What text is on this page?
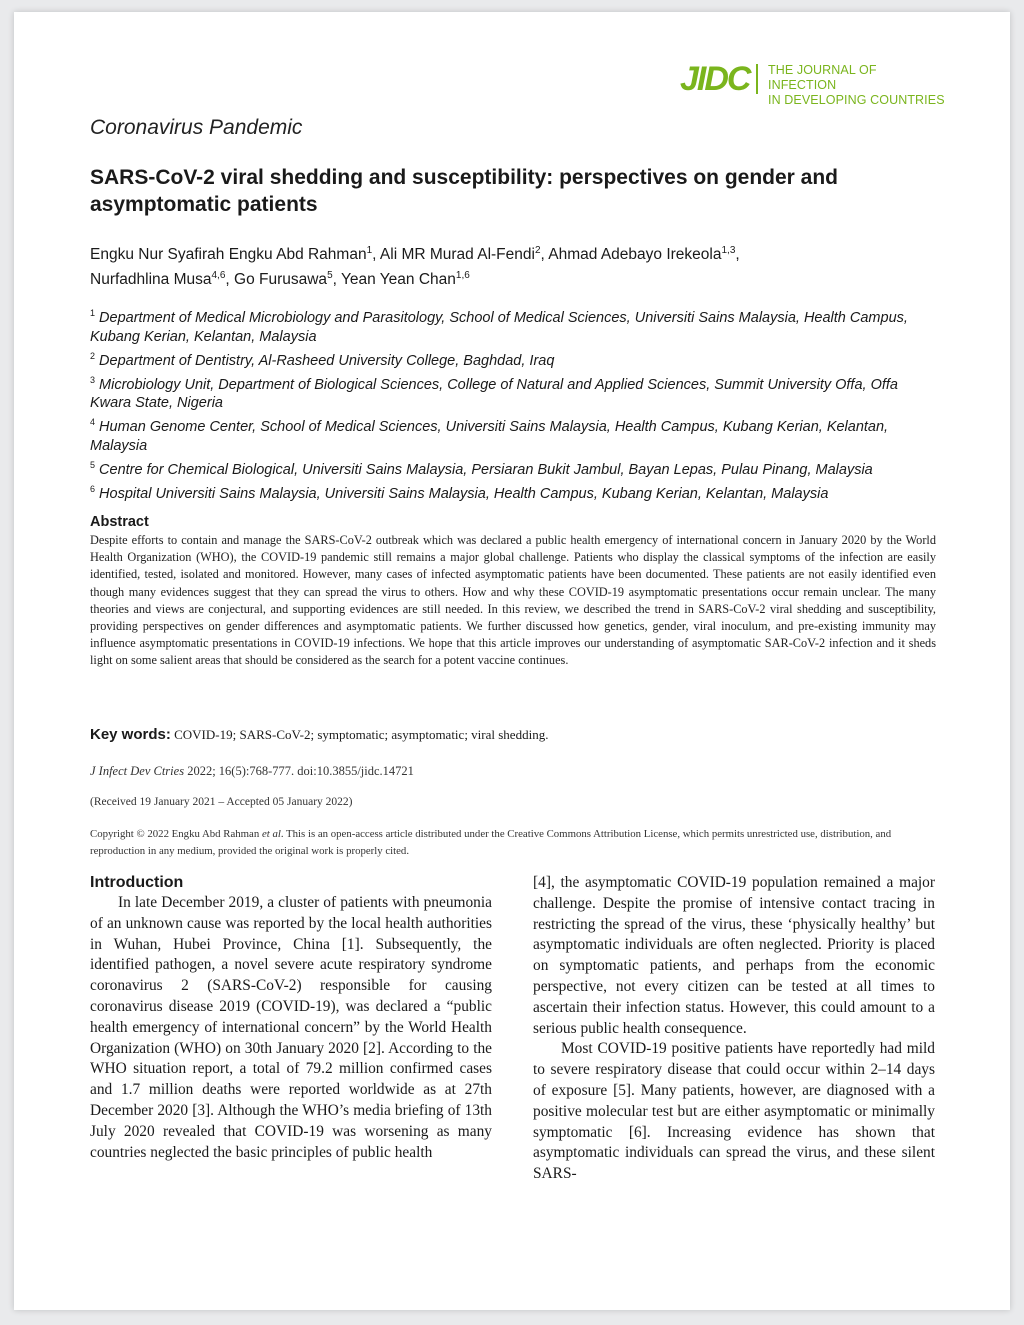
JIDC THE JOURNAL OF INFECTION
IN DEVELOPING COUNTRIES
Coronavirus Pandemic
SARS-CoV-2 viral shedding and susceptibility: perspectives on gender and asymptomatic patients
Engku Nur Syafirah Engku Abd Rahman$^1$, Ali MR Murad Al-Fendi$^2$, Ahmad Adebayo Irekeola$^{1,3}$,
Nurfadhlina Musa$^{4,6}$, Go Furusawa$^5$, Yean Yean Chan$^{1,6}$
$^1$ Department of Medical Microbiology and Parasitology, School of Medical Sciences, Universiti Sains Malaysia, Health Campus, Kubang Kerian, Kelantan, Malaysia
$^2$ Department of Dentistry, Al-Rasheed University College, Baghdad, Iraq
$^3$ Microbiology Unit, Department of Biological Sciences, College of Natural and Applied Sciences, Summit University Offa, Offa Kwara State, Nigeria
$^4$ Human Genome Center, School of Medical Sciences, Universiti Sains Malaysia, Health Campus, Kubang Kerian, Kelantan, Malaysia
$^5$ Centre for Chemical Biological, Universiti Sains Malaysia, Persiaran Bukit Jambul, Bayan Lepas, Pulau Pinang, Malaysia
$^6$ Hospital Universiti Sains Malaysia, Universiti Sains Malaysia, Health Campus, Kubang Kerian, Kelantan, Malaysia
Abstract
Despite efforts to contain and manage the SARS-CoV-2 outbreak which was declared a public health emergency of international concern in January 2020 by the World Health Organization (WHO), the COVID-19 pandemic still remains a major global challenge. Patients who display the classical symptoms of the infection are easily identified, tested, isolated and monitored. However, many cases of infected asymptomatic patients have been documented. These patients are not easily identified even though many evidences suggest that they can spread the virus to others. How and why these COVID-19 asymptomatic presentations occur remain unclear. The many theories and views are conjectural, and supporting evidences are still needed. In this review, we described the trend in SARS-CoV-2 viral shedding and susceptibility, providing perspectives on gender differences and asymptomatic patients. We further discussed how genetics, gender, viral inoculum, and pre-existing immunity may influence asymptomatic presentations in COVID-19 infections. We hope that this article improves our understanding of asymptomatic SAR-CoV-2 infection and it sheds light on some salient areas that should be considered as the search for a potent vaccine continues.
Key words: COVID-19; SARS-CoV-2; symptomatic; asymptomatic; viral shedding.
J Infect Dev Ctries 2022; 16(5):768-777. doi:10.3855/jidc.14721
(Received 19 January 2021 – Accepted 05 January 2022)
Copyright © 2022 Engku Abd Rahman et al. This is an open-access article distributed under the Creative Commons Attribution License, which permits unrestricted use, distribution, and reproduction in any medium, provided the original work is properly cited.
Introduction

In late December 2019, a cluster of patients with pneumonia of an unknown cause was reported by the local health authorities in Wuhan, Hubei Province, China [1]. Subsequently, the identified pathogen, a novel severe acute respiratory syndrome coronavirus 2 (SARS-CoV-2) responsible for causing coronavirus disease 2019 (COVID-19), was declared a “public health emergency of international concern” by the World Health Organization (WHO) on 30th January 2020 [2]. According to the WHO situation report, a total of 79.2 million confirmed cases and 1.7 million deaths were reported worldwide as at 27th December 2020 [3]. Although the WHO’s media briefing of 13th July 2020 revealed that COVID-19 was worsening as many countries neglected the basic principles of public health

[4], the asymptomatic COVID-19 population remained a major challenge. Despite the promise of intensive contact tracing in restricting the spread of the virus, these ‘physically healthy’ but asymptomatic individuals are often neglected. Priority is placed on symptomatic patients, and perhaps from the economic perspective, not every citizen can be tested at all times to ascertain their infection status. However, this could amount to a serious public health consequence.

Most COVID-19 positive patients have reportedly had mild to severe respiratory disease that could occur within 2–14 days of exposure [5]. Many patients, however, are diagnosed with a positive molecular test but are either asymptomatic or minimally symptomatic [6]. Increasing evidence has shown that asymptomatic individuals can spread the virus, and these silent SARS-
